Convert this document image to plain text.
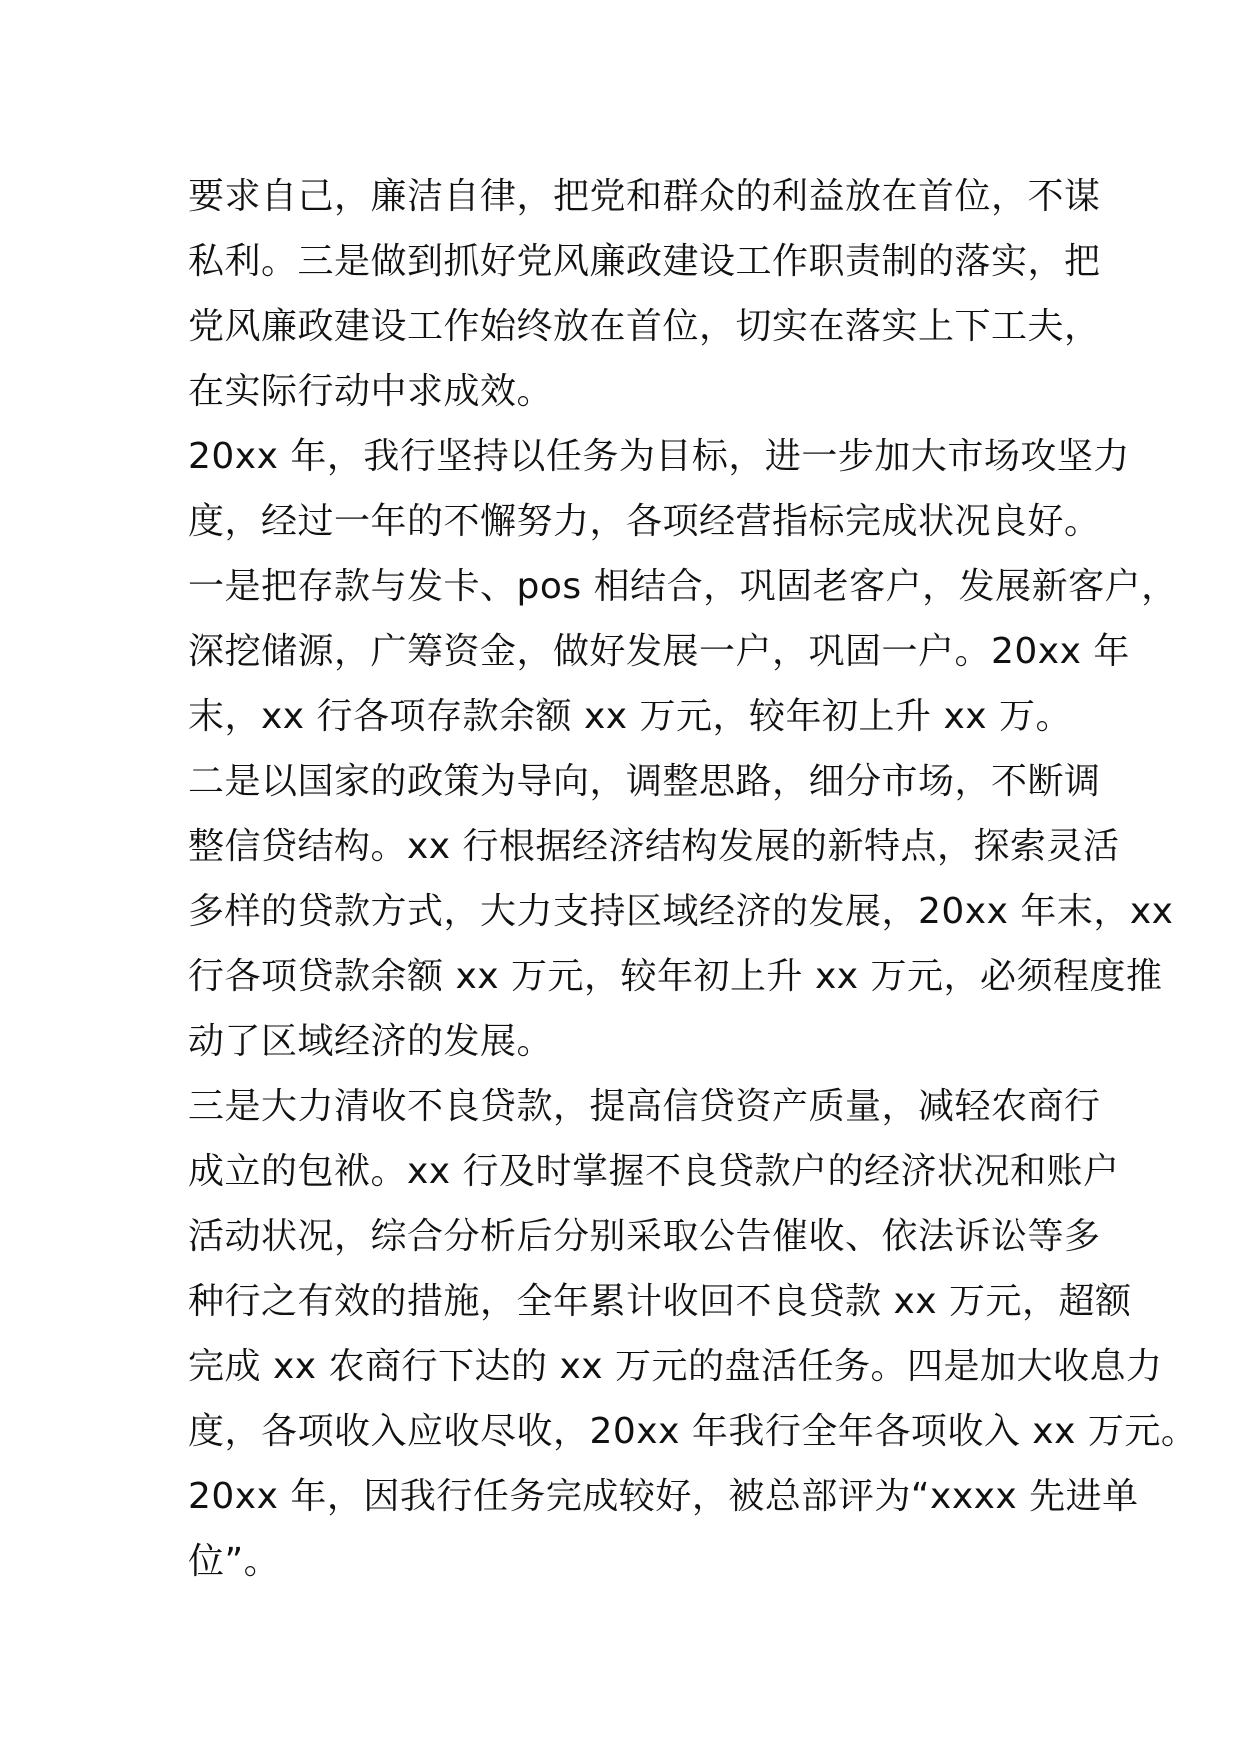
要求自己，廉洁自律，把党和群众的利益放在首位，不谋
私利。三是做到抓好党风廉政建设工作职责制的落实，把
党风廉政建设工作始终放在首位，切实在落实上下工夫，
在实际行动中求成效。
20xx 年，我行坚持以任务为目标，进一步加大市场攻坚力
度，经过一年的不懈努力，各项经营指标完成状况良好。
一是把存款与发卡、pos 相结合，巩固老客户，发展新客户，
深挖储源，广筹资金，做好发展一户，巩固一户。20xx 年
末，xx 行各项存款余额 xx 万元，较年初上升 xx 万。
二是以国家的政策为导向，调整思路，细分市场，不断调
整信贷结构。xx 行根据经济结构发展的新特点，探索灵活
多样的贷款方式，大力支持区域经济的发展，20xx 年末，xx
行各项贷款余额 xx 万元，较年初上升 xx 万元，必须程度推
动了区域经济的发展。
三是大力清收不良贷款，提高信贷资产质量，减轻农商行
成立的包袱。xx 行及时掌握不良贷款户的经济状况和账户
活动状况，综合分析后分别采取公告催收、依法诉讼等多
种行之有效的措施，全年累计收回不良贷款 xx 万元，超额
完成 xx 农商行下达的 xx 万元的盘活任务。四是加大收息力
度，各项收入应收尽收，20xx 年我行全年各项收入 xx 万元。
20xx 年，因我行任务完成较好，被总部评为“xxxx 先进单
位”。
